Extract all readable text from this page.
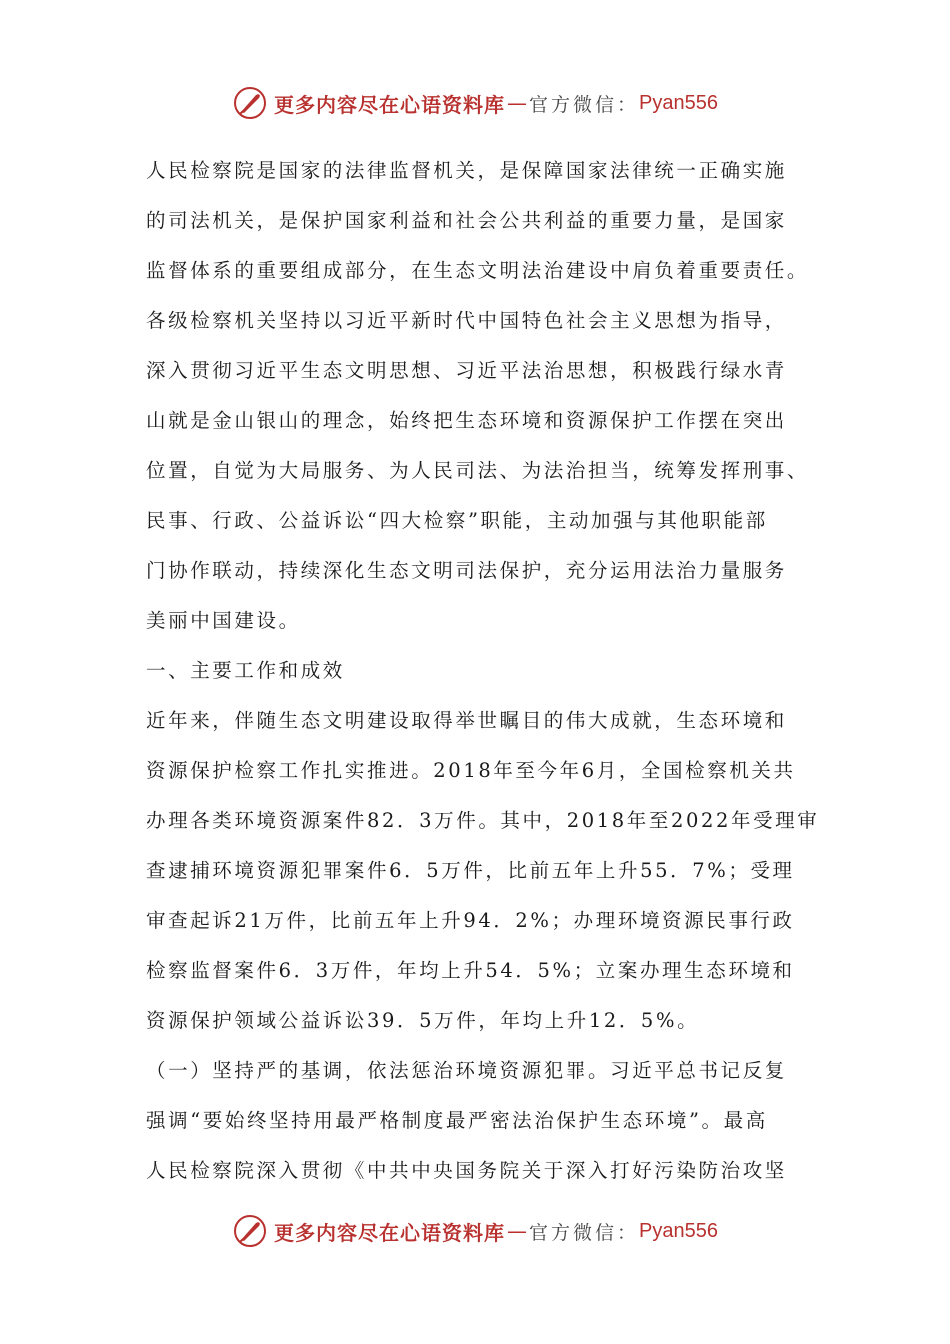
更多内容尽在心语资料库 — 官方微信： Pyan556

人民检察院是国家的法律监督机关，是保障国家法律统一正确实施

的司法机关，是保护国家利益和社会公共利益的重要力量，是国家

监督体系的重要组成部分，在生态文明法治建设中肩负着重要责任。

各级检察机关坚持以习近平新时代中国特色社会主义思想为指导，

深入贯彻习近平生态文明思想、习近平法治思想，积极践行绿水青

山就是金山银山的理念，始终把生态环境和资源保护工作摆在突出

位置，自觉为大局服务、为人民司法、为法治担当，统筹发挥刑事、

民事、行政、公益诉讼“四大检察”职能，主动加强与其他职能部

门协作联动，持续深化生态文明司法保护，充分运用法治力量服务

美丽中国建设。

一、主要工作和成效

近年来，伴随生态文明建设取得举世瞩目的伟大成就，生态环境和

资源保护检察工作扎实推进。2018年至今年6月，全国检察机关共

办理各类环境资源案件82．3万件。其中，2018年至2022年受理审

查逮捕环境资源犯罪案件6．5万件，比前五年上升55．7%；受理

审查起诉21万件，比前五年上升94．2%；办理环境资源民事行政

检察监督案件6．3万件，年均上升54．5%；立案办理生态环境和

资源保护领域公益诉讼39．5万件，年均上升12．5%。

（一）坚持严的基调，依法惩治环境资源犯罪。习近平总书记反复

强调“要始终坚持用最严格制度最严密法治保护生态环境”。最高

人民检察院深入贯彻《中共中央国务院关于深入打好污染防治攻坚

更多内容尽在心语资料库 — 官方微信： Pyan556
